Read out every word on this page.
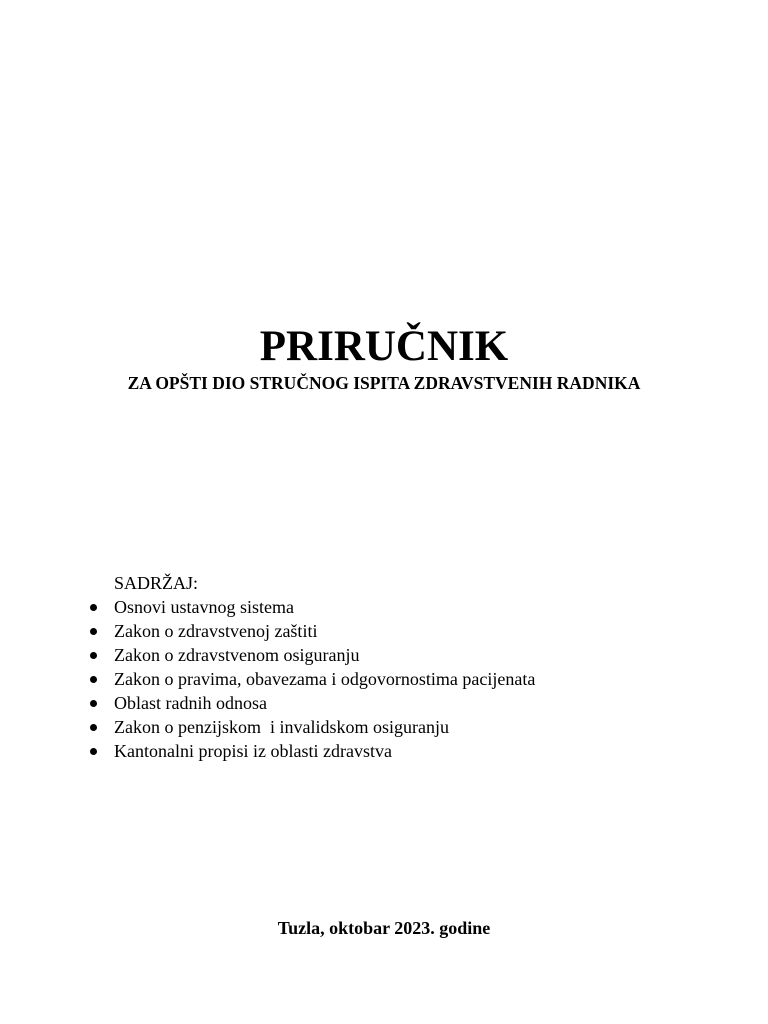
PRIRUČNIK
ZA OPŠTI DIO STRUČNOG ISPITA ZDRAVSTVENIH RADNIKA

SADRŽAJ:

Osnovi ustavnog sistema
Zakon o zdravstvenoj zaštiti
Zakon o zdravstvenom osiguranju
Zakon o pravima, obavezama i odgovornostima pacijenata
Oblast radnih odnosa
Zakon o penzijskom  i invalidskom osiguranju
Kantonalni propisi iz oblasti zdravstva

Tuzla, oktobar 2023. godine
